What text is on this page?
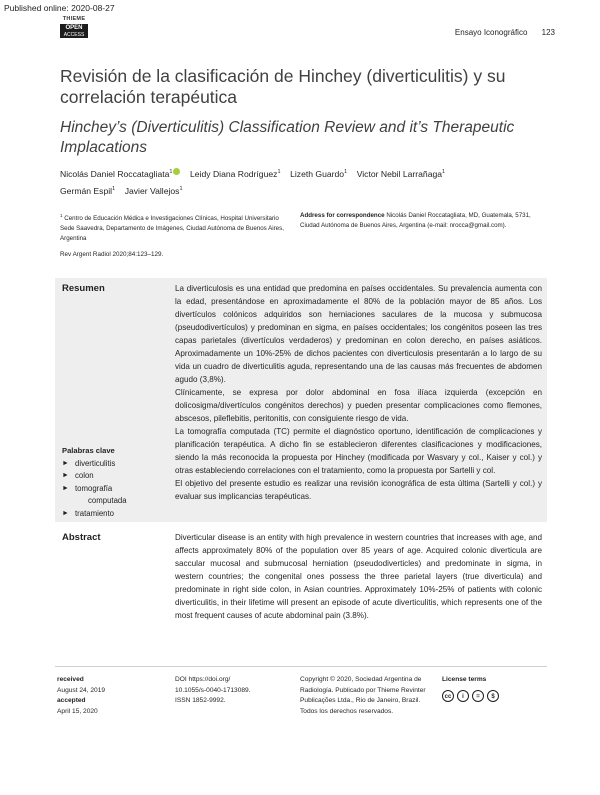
Published online: 2020-08-27
THIEME
OPEN
ACCESS	Ensayo Iconográfico 123
Revisión de la clasificación de Hinchey (diverticulitis) y su correlación terapéutica
Hinchey’s (Diverticulitis) Classification Review and it’s Therapeutic Implacations
Nicolás Daniel Roccatagliata$^1$ Leidy Diana Rodríguez$^1$ Lizeth Guardo$^1$ Victor Nebil Larrañaga$^1$
Germán Espil$^1$ Javier Vallejos$^1$
$^1$ Centro de Educación Médica e Investigaciones Clínicas, Hospital Universitario Sede Saavedra, Departamento de Imágenes, Ciudad Autónoma de Buenos Aires, Argentina
Address for correspondence Nicolás Daniel Roccatagliata, MD, Guatemala, 5731, Ciudad Autónoma de Buenos Aires, Argentina (e-mail: nrocca@gmail.com).
Rev Argent Radiol 2020;84:123–129.
Resumen	La diverticulosis es una entidad que predomina en países occidentales. Su prevalencia aumenta con la edad, presentándose en aproximadamente el 80% de la población mayor de 85 años. Los divertículos colónicos adquiridos son herniaciones saculares de la mucosa y submucosa (pseudodivertículos) y predominan en sigma, en países occidentales; los congénitos poseen las tres capas parietales (divertículos verdaderos) y predominan en colon derecho, en países asiáticos. Aproximadamente un 10%-25% de dichos pacientes con diverticulosis presentarán a lo largo de su vida un cuadro de diverticulitis aguda, representando una de las causas más frecuentes de abdomen agudo (3,8%).

Clínicamente, se expresa por dolor abdominal en fosa ilíaca izquierda (excepción en dolicosigma/divertículos congénitos derechos) y pueden presentar complicaciones como flemones, abscesos, pileflebitis, peritonitis, con consiguiente riesgo de vida.

La tomografía computada (TC) permite el diagnóstico oportuno, identificación de complicaciones y planificación terapéutica. A dicho fin se establecieron diferentes clasificaciones y modificaciones, siendo la más reconocida la propuesta por Hinchey (modificada por Wasvary y col., Kaiser y col.) y otras estableciendo correlaciones con el tratamiento, como la propuesta por Sartelli y col.

El objetivo del presente estudio es realizar una revisión iconográfica de esta última (Sartelli y col.) y evaluar sus implicancias terapéuticas.

Palabras clave
► diverticulitis
► colon
► tomografía
computada
► tratamiento
Abstract	Diverticular disease is an entity with high prevalence in western countries that increases with age, and affects approximately 80% of the population over 85 years of age. Acquired colonic diverticula are saccular mucosal and submucosal herniation (pseudodiverticles) and predominate in sigma, in western countries; the congenital ones possess the three parietal layers (true diverticula) and predominate in right side colon, in Asian countries. Approximately 10%-25% of patients with colonic diverticulitis, in their lifetime will present an episode of acute diverticulitis, which represents one of the most frequent causes of acute abdominal pain (3.8%).
received
August 24, 2019
accepted
April 15, 2020
DOI https://doi.org/
10.1055/s-0040-1713089.
ISSN 1852-9992.
Copyright © 2020, Sociedad Argentina de Radiología. Publicado por Thieme Revinter Publicações Ltda., Rio de Janeiro, Brazil. Todos los derechos reservados.
License terms
cc	i	=	$
